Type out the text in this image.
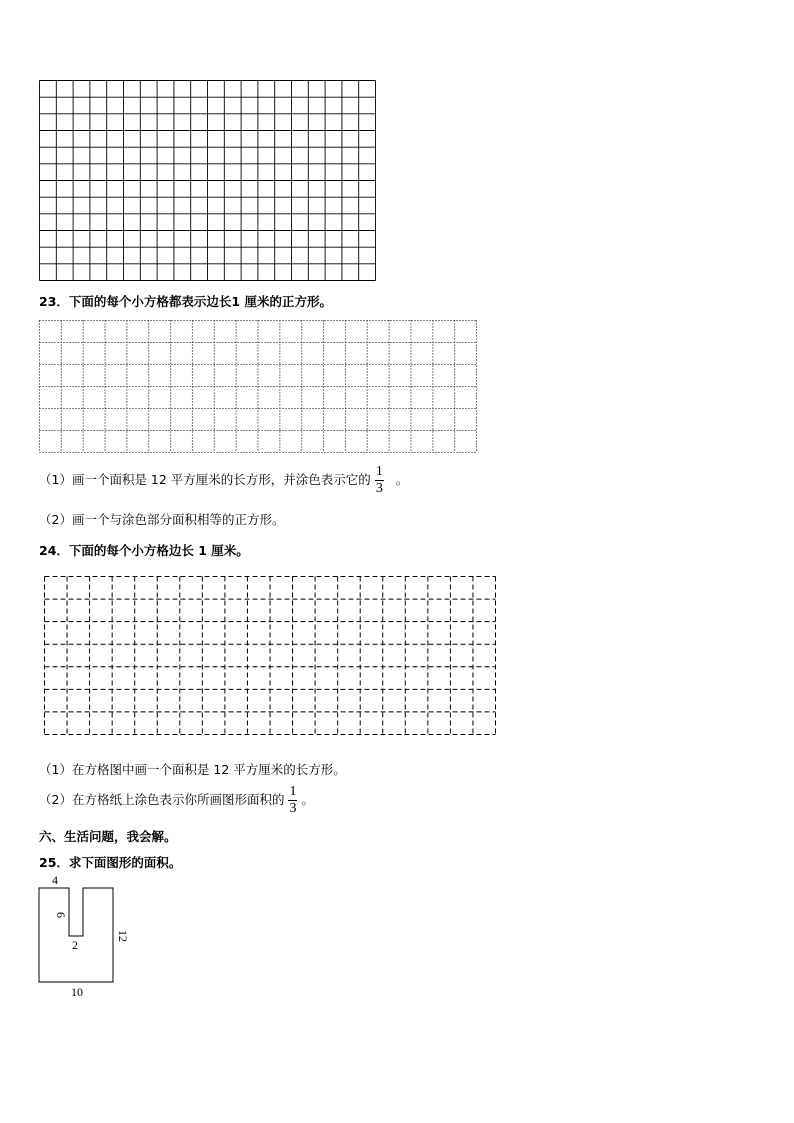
23．下面的每个小方格都表示边长1 厘米的正方形。
（1）画一个面积是 12 平方厘米的长方形，并涂色表示它的 $\frac{1}{3}$ 。
（2）画一个与涂色部分面积相等的正方形。
24．下面的每个小方格边长 1 厘米。
（1）在方格图中画一个面积是 12 平方厘米的长方形。
（2）在方格纸上涂色表示你所画图形面积的 $\frac{1}{3}$ 。
六、生活问题，我会解。
25．求下面图形的面积。
4
6
2
12
10
